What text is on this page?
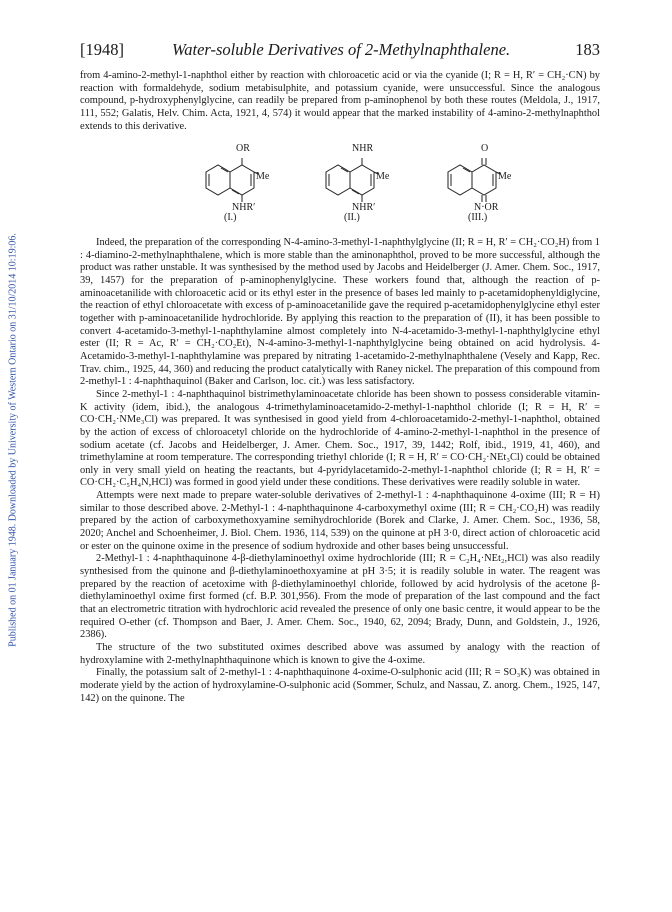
Published on 01 January 1948. Downloaded by University of Western Ontario on 31/10/2014 10:19:06.
[1948]	Water-soluble Derivatives of 2-Methylnaphthalene.	183

from 4-amino-2-methyl-1-naphthol either by reaction with chloroacetic acid or via the cyanide (I; R = H, R′ = CH₂·CN) by reaction with formaldehyde, sodium metabisulphite, and potassium cyanide, were unsuccessful. Since the analogous compound, p-hydroxyphenylglycine, can readily be prepared from p-aminophenol by both these routes (Meldola, J., 1917, 111, 552; Galatis, Helv. Chim. Acta, 1921, 4, 574) it would appear that the marked instability of 4-amino-2-methylnaphthol extends to this derivative.

OR
Me
NHR′
(I.)
NHR
Me
NHR′
(II.)
O
Me
N·OR
(III.)

Indeed, the preparation of the corresponding N-4-amino-3-methyl-1-naphthylglycine (II; R = H, R′ = CH₂·CO₂H) from 1 : 4-diamino-2-methylnaphthalene, which is more stable than the aminonaphthol, proved to be more successful, although the product was rather unstable. It was synthesised by the method used by Jacobs and Heidelberger (J. Amer. Chem. Soc., 1917, 39, 1457) for the preparation of p-aminophenylglycine. These workers found that, although the reaction of p-aminoacetanilide with chloroacetic acid or its ethyl ester in the presence of bases led mainly to p-acetamidophenyldiglycine, the reaction of ethyl chloroacetate with excess of p-aminoacetanilide gave the required p-acetamidophenylglycine ethyl ester together with p-aminoacetanilide hydrochloride. By applying this reaction to the preparation of (II), it has been possible to convert 4-acetamido-3-methyl-1-naphthylamine almost completely into N-4-acetamido-3-methyl-1-naphthylglycine ethyl ester (II; R = Ac, R′ = CH₂·CO₂Et), N-4-amino-3-methyl-1-naphthylglycine being obtained on acid hydrolysis. 4-Acetamido-3-methyl-1-naphthylamine was prepared by nitrating 1-acetamido-2-methylnaphthalene (Vesely and Kapp, Rec. Trav. chim., 1925, 44, 360) and reducing the product catalytically with Raney nickel. The preparation of this compound from 2-methyl-1 : 4-naphthaquinol (Baker and Carlson, loc. cit.) was less satisfactory.

Since 2-methyl-1 : 4-naphthaquinol bistrimethylaminoacetate chloride has been shown to possess considerable vitamin-K activity (idem, ibid.), the analogous 4-trimethylaminoacetamido-2-methyl-1-naphthol chloride (I; R = H, R′ = CO·CH₂·NMe₃Cl) was prepared. It was synthesised in good yield from 4-chloroacetamido-2-methyl-1-naphthol, obtained by the action of excess of chloroacetyl chloride on the hydrochloride of 4-amino-2-methyl-1-naphthol in the presence of sodium acetate (cf. Jacobs and Heidelberger, J. Amer. Chem. Soc., 1917, 39, 1442; Rolf, ibid., 1919, 41, 460), and trimethylamine at room temperature. The corresponding triethyl chloride (I; R = H, R′ = CO·CH₂·NEt₃Cl) could be obtained only in very small yield on heating the reactants, but 4-pyridylacetamido-2-methyl-1-naphthol chloride (I; R = H, R′ = CO·CH₂·C₅H₄N,HCl) was formed in good yield under these conditions. These derivatives were readily soluble in water.

Attempts were next made to prepare water-soluble derivatives of 2-methyl-1 : 4-naphthaquinone 4-oxime (III; R = H) similar to those described above. 2-Methyl-1 : 4-naphthaquinone 4-carboxymethyl oxime (III; R = CH₂·CO₂H) was readily prepared by the action of carboxymethoxyamine semihydrochloride (Borek and Clarke, J. Amer. Chem. Soc., 1936, 58, 2020; Anchel and Schoenheimer, J. Biol. Chem. 1936, 114, 539) on the quinone at pH 3·0, direct action of chloroacetic acid or ester on the quinone oxime in the presence of sodium hydroxide and other bases being unsuccessful.

2-Methyl-1 : 4-naphthaquinone 4-β-diethylaminoethyl oxime hydrochloride (III; R = C₂H₄·NEt₂,HCl) was also readily synthesised from the quinone and β-diethylaminoethoxyamine at pH 3·5; it is readily soluble in water. The reagent was prepared by the reaction of acetoxime with β-diethylaminoethyl chloride, followed by acid hydrolysis of the acetone β-diethylaminoethyl oxime first formed (cf. B.P. 301,956). From the mode of preparation of the last compound and the fact that an electrometric titration with hydrochloric acid revealed the presence of only one basic centre, it would appear to be the required O-ether (cf. Thompson and Baer, J. Amer. Chem. Soc., 1940, 62, 2094; Brady, Dunn, and Goldstein, J., 1926, 2386).

The structure of the two substituted oximes described above was assumed by analogy with the reaction of hydroxylamine with 2-methylnaphthaquinone which is known to give the 4-oxime.

Finally, the potassium salt of 2-methyl-1 : 4-naphthaquinone 4-oxime-O-sulphonic acid (III; R = SO₃K) was obtained in moderate yield by the action of hydroxylamine-O-sulphonic acid (Sommer, Schulz, and Nassau, Z. anorg. Chem., 1925, 147, 142) on the quinone. The
